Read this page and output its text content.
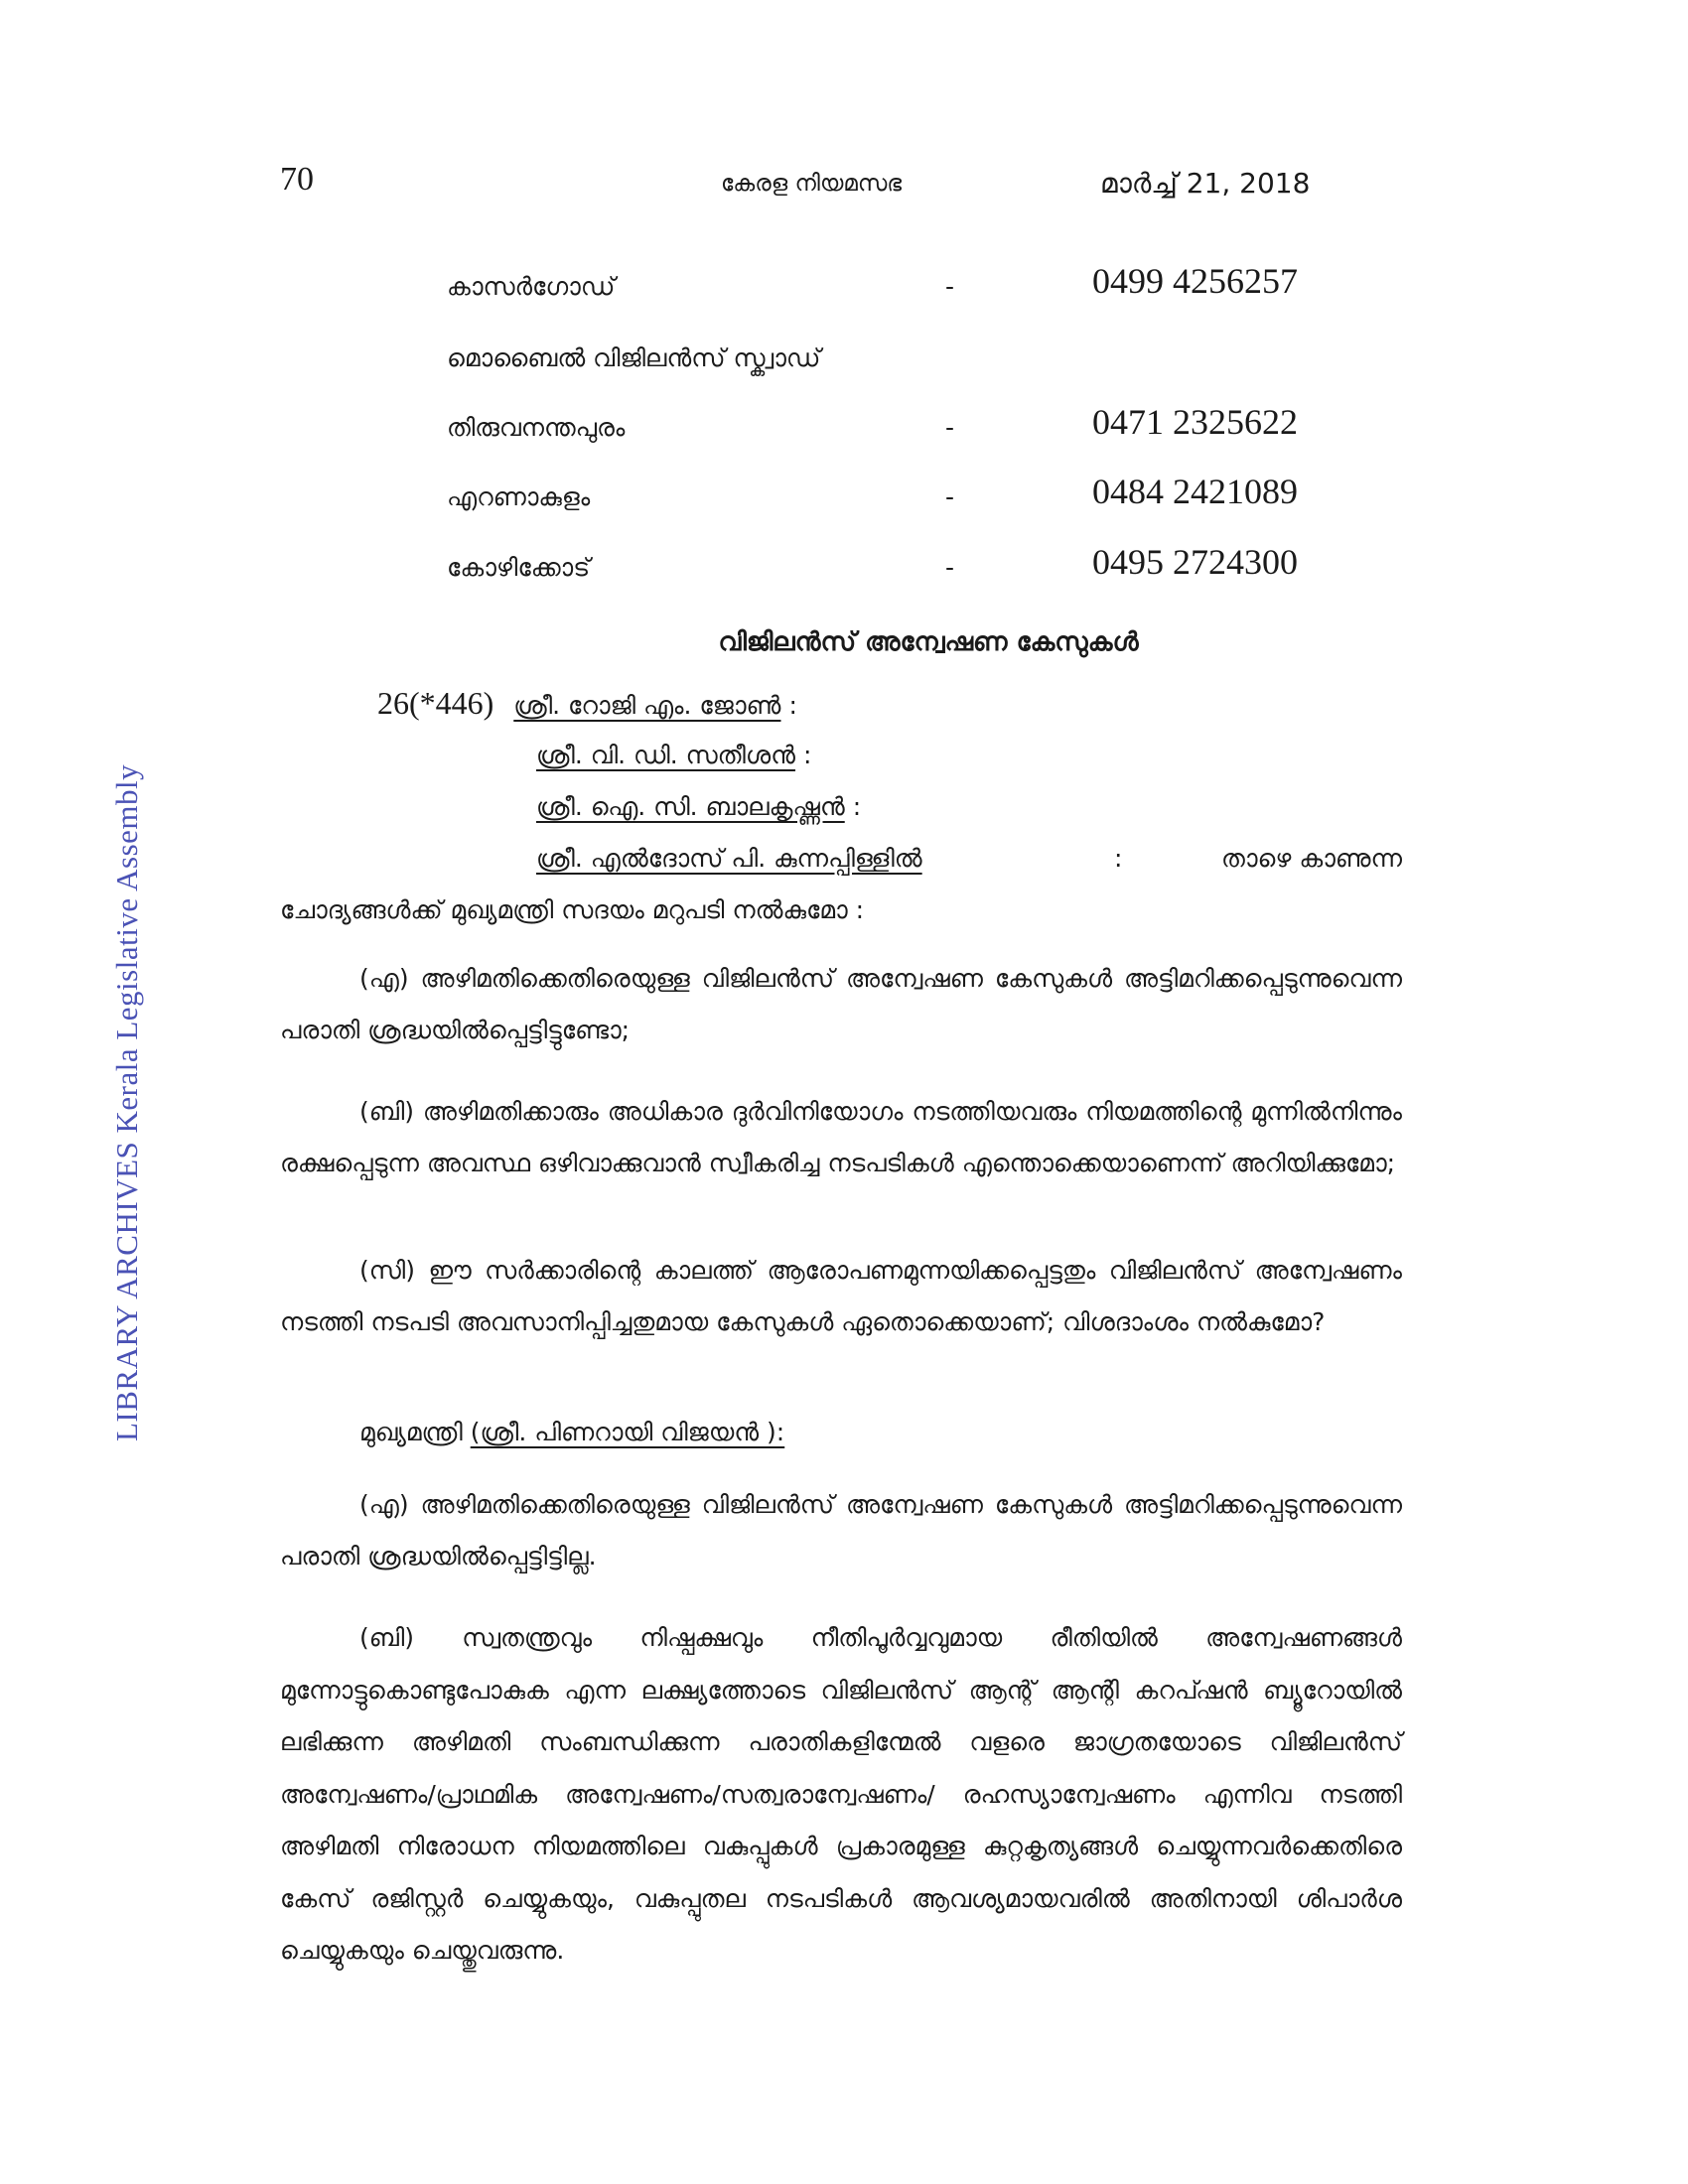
LIBRARY ARCHIVES Kerala Legislative Assembly
70	കേരള നിയമസഭ	മാർച്ച് 21, 2018
കാസർഗോഡ്	-	0499 4256257
മൊബൈൽ വിജിലൻസ് സ്ക്വാഡ്
തിരുവനന്തപുരം	-	0471 2325622
എറണാകുളം	-	0484 2421089
കോഴിക്കോട്	-	0495 2724300
വിജിലൻസ് അന്വേഷണ കേസുകൾ
26(*446) ശ്രീ. റോജി എം. ജോൺ :
ശ്രീ. വി. ഡി. സതീശൻ :
ശ്രീ. ഐ. സി. ബാലകൃഷ്ണൻ :
ശ്രീ. എൽദോസ് പി. കുന്നപ്പിള്ളിൽ	:	താഴെ കാണുന്ന
ചോദ്യങ്ങൾക്ക് മുഖ്യമന്ത്രി സദയം മറുപടി നൽകുമോ :
(എ) അഴിമതിക്കെതിരെയുള്ള വിജിലൻസ് അന്വേഷണ കേസുകൾ അട്ടിമറിക്കപ്പെടുന്നുവെന്ന പരാതി ശ്രദ്ധയിൽപ്പെട്ടിട്ടുണ്ടോ;
(ബി) അഴിമതിക്കാരും അധികാര ദുർവിനിയോഗം നടത്തിയവരും നിയമത്തിന്റെ മുന്നിൽനിന്നും രക്ഷപ്പെടുന്ന അവസ്ഥ ഒഴിവാക്കുവാൻ സ്വീകരിച്ച നടപടികൾ എന്തൊക്കെയാണെന്ന് അറിയിക്കുമോ;
(സി) ഈ സർക്കാരിന്റെ കാലത്ത് ആരോപണമുന്നയിക്കപ്പെട്ടതും വിജിലൻസ് അന്വേഷണം നടത്തി നടപടി അവസാനിപ്പിച്ചതുമായ കേസുകൾ ഏതൊക്കെയാണ്; വിശദാംശം നൽകുമോ?
മുഖ്യമന്ത്രി (ശ്രീ. പിണറായി വിജയൻ ):
(എ) അഴിമതിക്കെതിരെയുള്ള വിജിലൻസ് അന്വേഷണ കേസുകൾ അട്ടിമറിക്കപ്പെടുന്നുവെന്ന പരാതി ശ്രദ്ധയിൽപ്പെട്ടിട്ടില്ല.
(ബി) സ്വതന്ത്രവും നിഷ്പക്ഷവും നീതിപൂർവ്വവുമായ രീതിയിൽ അന്വേഷണങ്ങൾ മുന്നോട്ടുകൊണ്ടുപോകുക എന്ന ലക്ഷ്യത്തോടെ വിജിലൻസ് ആന്റ് ആന്റി കറപ്ഷൻ ബ്യൂറോയിൽ ലഭിക്കുന്ന അഴിമതി സംബന്ധിക്കുന്ന പരാതികളിന്മേൽ വളരെ ജാഗ്രതയോടെ വിജിലൻസ് അന്വേഷണം/പ്രാഥമിക അന്വേഷണം/സത്വരാന്വേഷണം/ രഹസ്യാന്വേഷണം എന്നിവ നടത്തി അഴിമതി നിരോധന നിയമത്തിലെ വകുപ്പുകൾ പ്രകാരമുള്ള കുറ്റകൃത്യങ്ങൾ ചെയ്യുന്നവർക്കെതിരെ കേസ് രജിസ്റ്റർ ചെയ്യുകയും, വകുപ്പുതല നടപടികൾ ആവശ്യമായവരിൽ അതിനായി ശിപാർശ ചെയ്യുകയും ചെയ്തുവരുന്നു.
